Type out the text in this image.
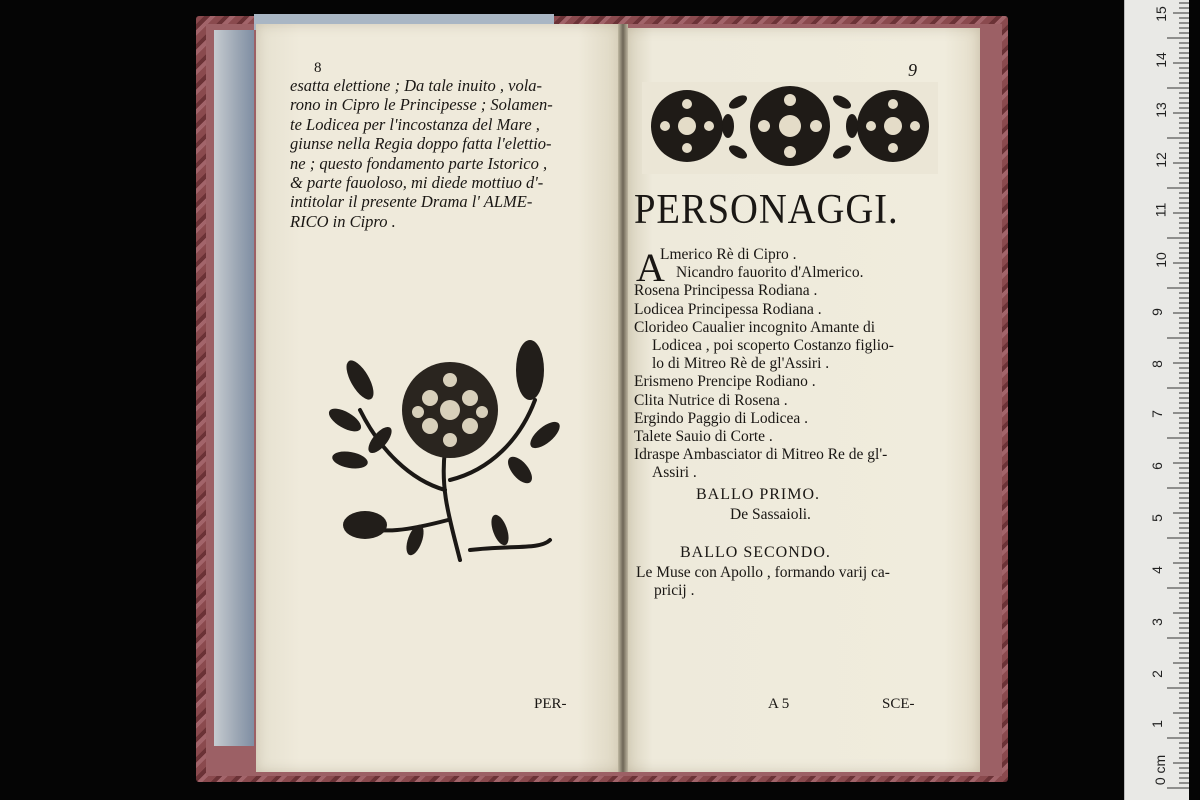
8
esatta elettione ; Da tale inuito , vola-
rono in Cipro le Principesse ; Solamen-
te Lodicea per l'incostanza del Mare ,
giunse nella Regia doppo fatta l'elettio-
ne ; questo fondamento parte Istorico ,
& parte fauoloso, mi diede mottiuo d'-
intitolar il presente Drama l' ALME-
RICO in Cipro .
PER-
9
PERSONAGGI.
A
Lmerico Rè di Cipro .
Nicandro fauorito d'Almerico.
Rosena Principessa Rodiana .
Lodicea Principessa Rodiana .
Clorideo Caualier incognito Amante di
Lodicea , poi scoperto Costanzo figlio-
lo di Mitreo Rè de gl'Assiri .
Erismeno Prencipe Rodiano .
Clita Nutrice di Rosena .
Ergindo Paggio di Lodicea .
Talete Sauio di Corte .
Idraspe Ambasciator di Mitreo Re de gl'-
Assiri .
BALLO PRIMO.
De Sassaioli.
BALLO SECONDO.
Le Muse con Apollo , formando varij ca-
pricij .
A 5	SCE-
15
14
13
12
11
10
9
8
7
6
5
4
3
2
1
0 cm
